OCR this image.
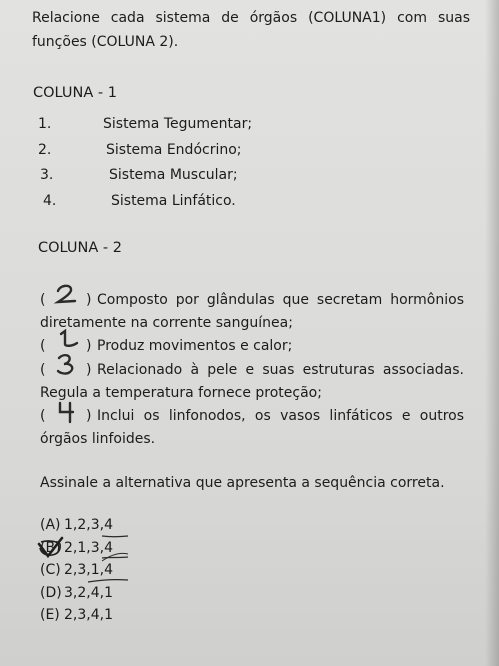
Relacione cada sistema de órgãos (COLUNA1) com suas
funções (COLUNA 2).
COLUNA - 1
1.	Sistema Tegumentar;
2.	Sistema Endócrino;
3.	Sistema Muscular;
4.	Sistema Linfático.
COLUNA - 2
(	) Composto por glândulas que secretam hormônios
diretamente na corrente sanguínea;
(	) Produz movimentos e calor;
(	) Relacionado à pele e suas estruturas associadas.
Regula a temperatura fornece proteção;
(	) Inclui os linfonodos, os vasos linfáticos e outros
órgãos linfoides.
Assinale a alternativa que apresenta a sequência correta.
(A) 1,2,3,4
(B) 2,1,3,4
(C) 2,3,1,4
(D) 3,2,4,1
(E) 2,3,4,1
